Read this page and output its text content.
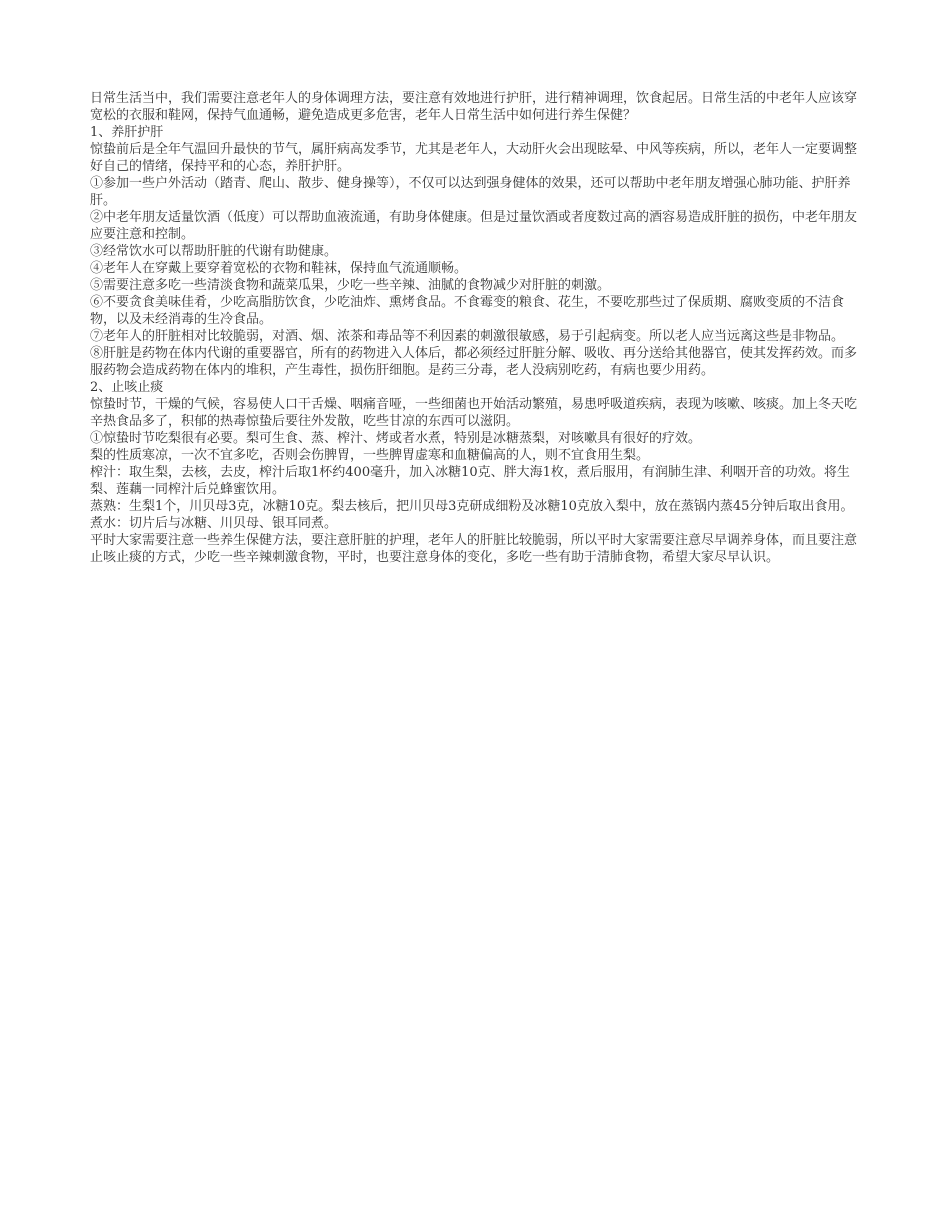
日常生活当中，我们需要注意老年人的身体调理方法，要注意有效地进行护肝，进行精神调理，饮食起居。日常生活的中老年人应该穿宽松的衣服和鞋网，保持气血通畅，避免造成更多危害，老年人日常生活中如何进行养生保健？

1、养肝护肝

惊蛰前后是全年气温回升最快的节气，属肝病高发季节，尤其是老年人，大动肝火会出现眩晕、中风等疾病，所以，老年人一定要调整好自己的情绪，保持平和的心态，养肝护肝。

①参加一些户外活动（踏青、爬山、散步、健身操等），不仅可以达到强身健体的效果，还可以帮助中老年朋友增强心肺功能、护肝养肝。

②中老年朋友适量饮酒（低度）可以帮助血液流通，有助身体健康。但是过量饮酒或者度数过高的酒容易造成肝脏的损伤，中老年朋友应要注意和控制。

③经常饮水可以帮助肝脏的代谢有助健康。

④老年人在穿戴上要穿着宽松的衣物和鞋袜，保持血气流通顺畅。

⑤需要注意多吃一些清淡食物和蔬菜瓜果，少吃一些辛辣、油腻的食物减少对肝脏的刺激。

⑥不要贪食美味佳肴，少吃高脂肪饮食，少吃油炸、熏烤食品。不食霉变的粮食、花生，不要吃那些过了保质期、腐败变质的不洁食物，以及未经消毒的生冷食品。

⑦老年人的肝脏相对比较脆弱，对酒、烟、浓茶和毒品等不利因素的刺激很敏感，易于引起病变。所以老人应当远离这些是非物品。

⑧肝脏是药物在体内代谢的重要器官，所有的药物进入人体后，都必须经过肝脏分解、吸收、再分送给其他器官，使其发挥药效。而多服药物会造成药物在体内的堆积，产生毒性，损伤肝细胞。是药三分毒，老人没病别吃药，有病也要少用药。

2、止咳止痰

惊蛰时节，干燥的气候，容易使人口干舌燥、咽痛音哑，一些细菌也开始活动繁殖，易患呼吸道疾病，表现为咳嗽、咳痰。加上冬天吃辛热食品多了，积郁的热毒惊蛰后要往外发散，吃些甘凉的东西可以滋阴。

①惊蛰时节吃梨很有必要。梨可生食、蒸、榨汁、烤或者水煮，特别是冰糖蒸梨，对咳嗽具有很好的疗效。

梨的性质寒凉，一次不宜多吃，否则会伤脾胃，一些脾胃虚寒和血糖偏高的人，则不宜食用生梨。

榨汁：取生梨，去核，去皮，榨汁后取1杯约400毫升，加入冰糖10克、胖大海1枚，煮后服用，有润肺生津、利咽开音的功效。将生梨、莲藕一同榨汁后兑蜂蜜饮用。

蒸熟：生梨1个，川贝母3克，冰糖10克。梨去核后，把川贝母3克研成细粉及冰糖10克放入梨中，放在蒸锅内蒸45分钟后取出食用。

煮水：切片后与冰糖、川贝母、银耳同煮。

平时大家需要注意一些养生保健方法，要注意肝脏的护理，老年人的肝脏比较脆弱，所以平时大家需要注意尽早调养身体，而且要注意止咳止痰的方式，少吃一些辛辣刺激食物，平时，也要注意身体的变化，多吃一些有助于清肺食物，希望大家尽早认识。
